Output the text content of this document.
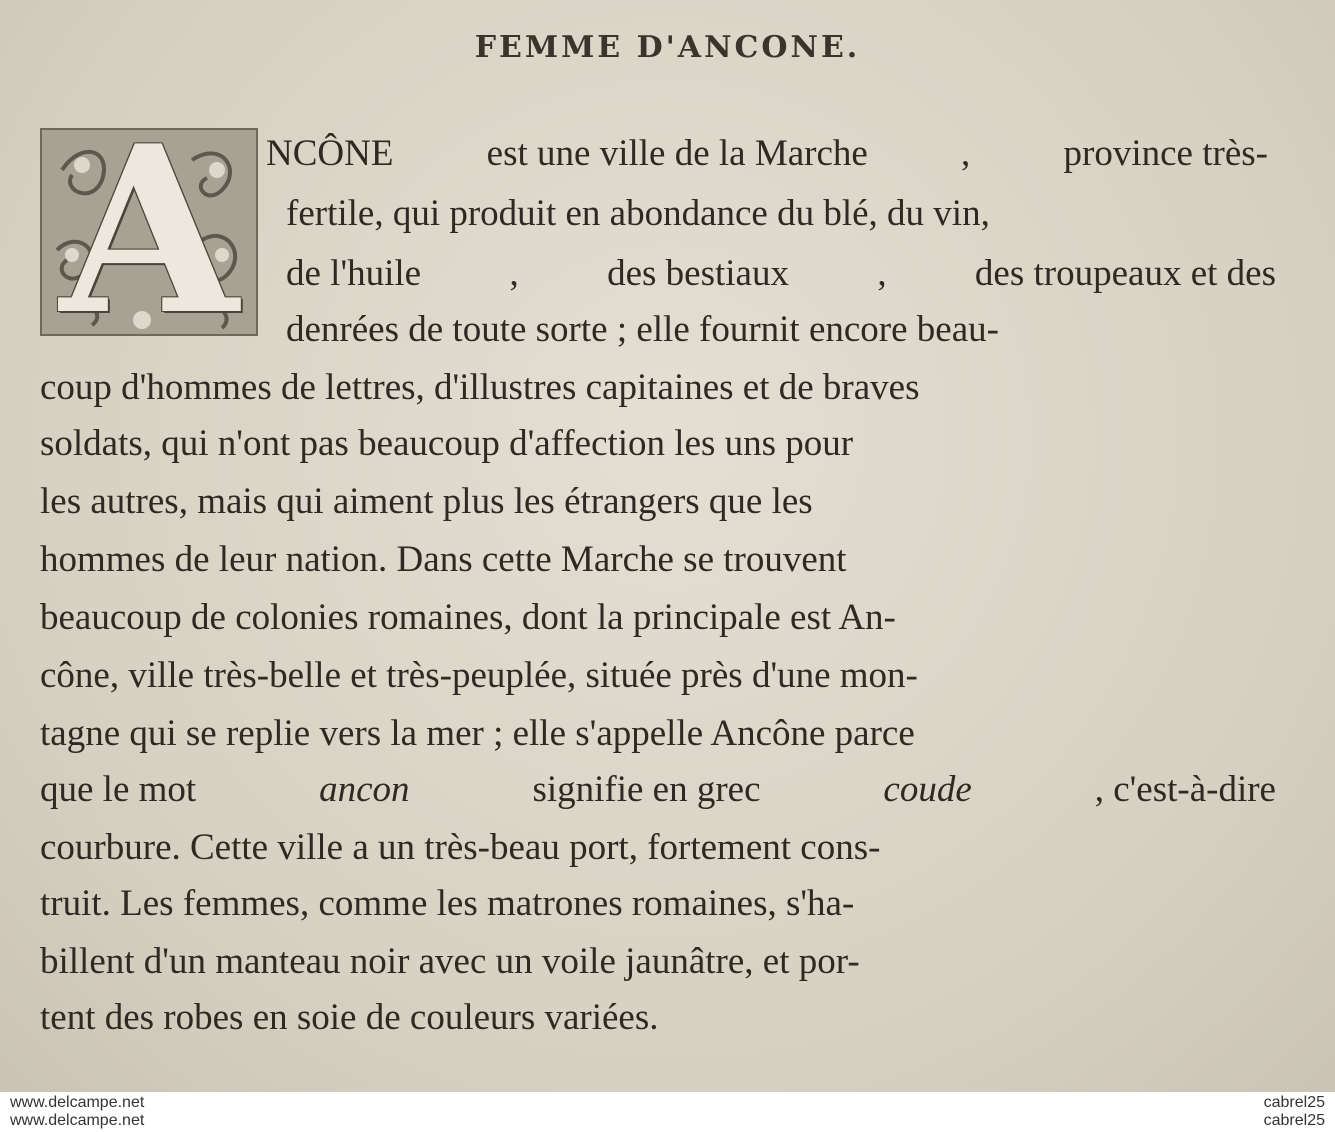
FEMME D'ANCONE.
A NCÔNE	est une ville de la Marche	,	province très-
fertile, qui produit en abondance du blé, du vin,
de l'huile , des bestiaux , des troupeaux et des
denrées de toute sorte ; elle fournit encore beau-
coup d'hommes de lettres, d'illustres capitaines et de braves
soldats, qui n'ont pas beaucoup d'affection les uns pour
les autres, mais qui aiment plus les étrangers que les
hommes de leur nation. Dans cette Marche se trouvent
beaucoup de colonies romaines, dont la principale est An-
cône, ville très-belle et très-peuplée, située près d'une mon-
tagne qui se replie vers la mer ; elle s'appelle Ancône parce
que le mot	ancon	signifie en grec	coude	, c'est-à-dire
courbure. Cette ville a un très-beau port, fortement cons-
truit. Les femmes, comme les matrones romaines, s'ha-
billent d'un manteau noir avec un voile jaunâtre, et por-
tent des robes en soie de couleurs variées.
www.delcampe.net
www.delcampe.net
cabrel25
cabrel25
